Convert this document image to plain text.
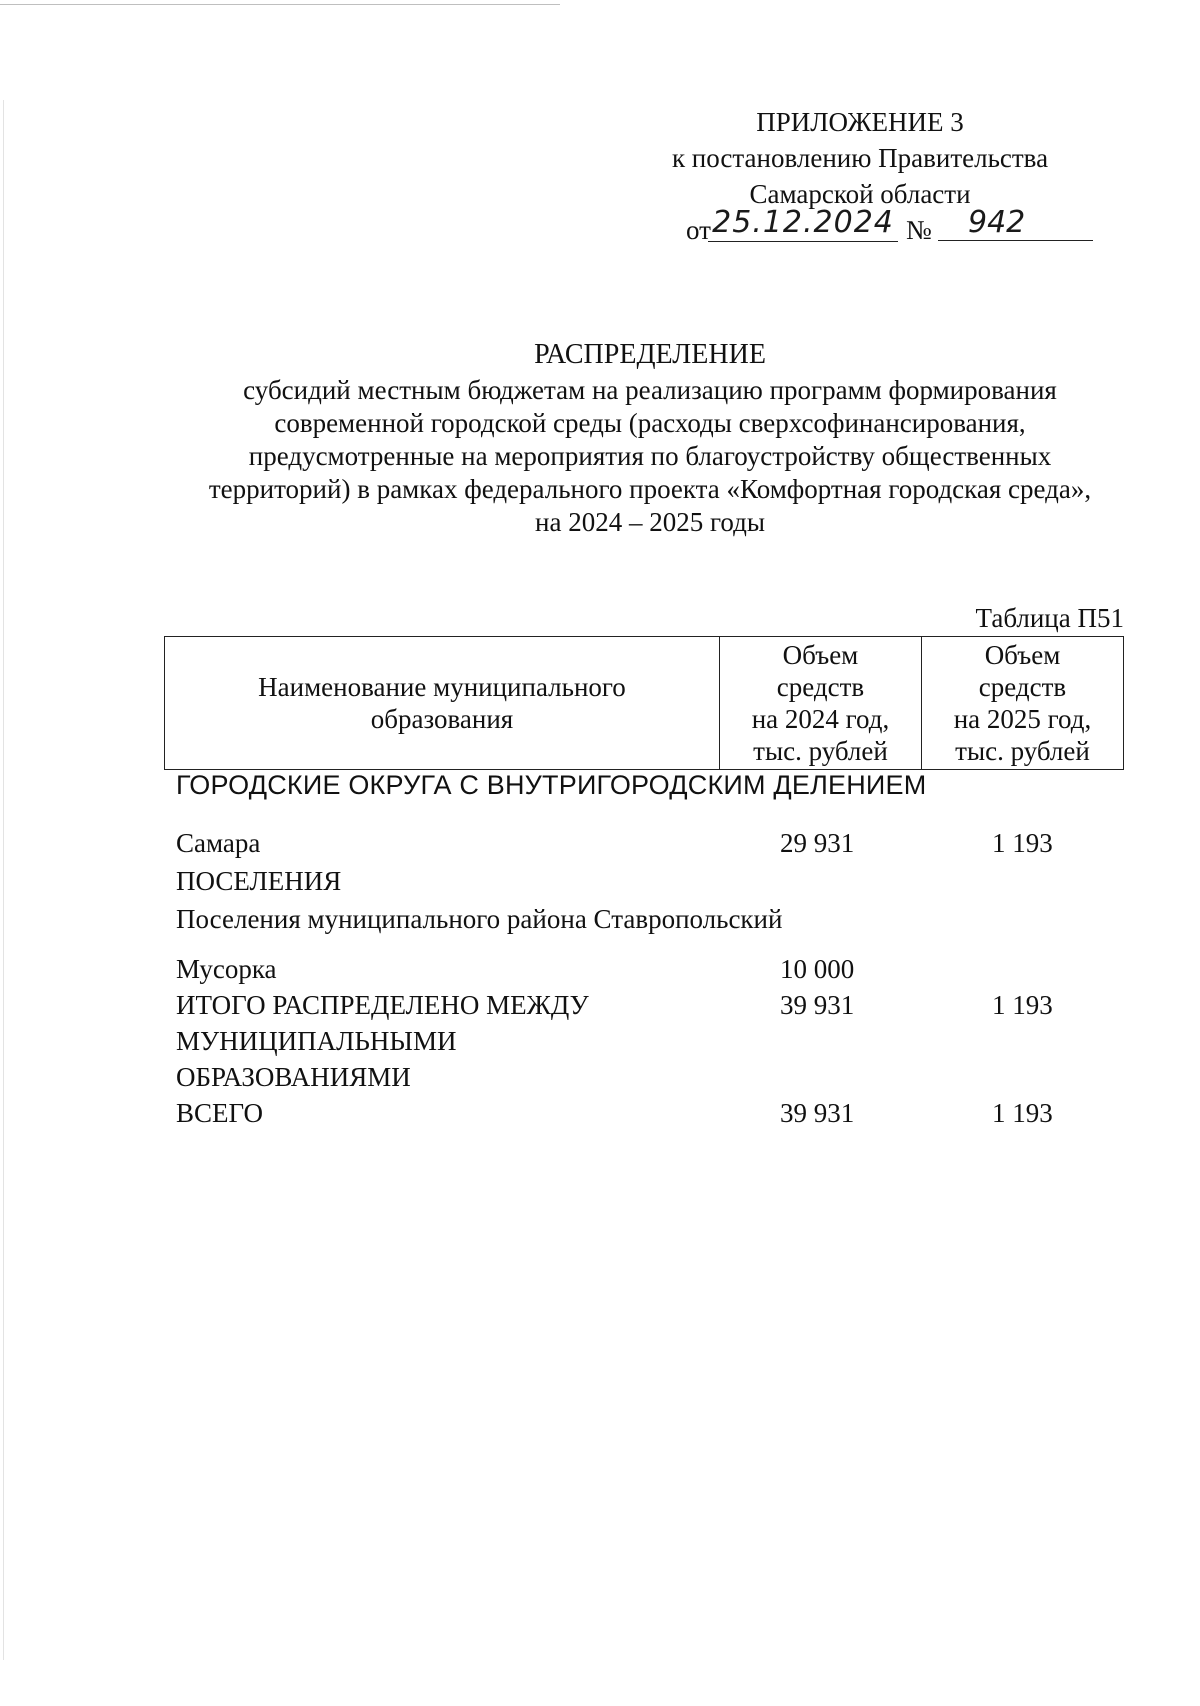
ПРИЛОЖЕНИЕ 3
к постановлению Правительства
Самарской области
от 25.12.2024 №	942
РАСПРЕДЕЛЕНИЕ
субсидий местным бюджетам на реализацию программ формирования
современной городской среды (расходы сверхсофинансирования,
предусмотренные на мероприятия по благоустройству общественных
территорий) в рамках федерального проекта «Комфортная городская среда»,
на 2024 – 2025 годы
Таблица П51
Наименование муниципального
образования

Объем
средств
на 2024 год,
тыс. рублей

Объем
средств
на 2025 год,
тыс. рублей
ГОРОДСКИЕ ОКРУГА С ВНУТРИГОРОДСКИМ ДЕЛЕНИЕМ
Самара	29 931	1 193
ПОСЕЛЕНИЯ
Поселения муниципального района Ставропольский
Мусорка	10 000
ИТОГО РАСПРЕДЕЛЕНО МЕЖДУ	39 931	1 193
МУНИЦИПАЛЬНЫМИ
ОБРАЗОВАНИЯМИ
ВСЕГО	39 931	1 193
